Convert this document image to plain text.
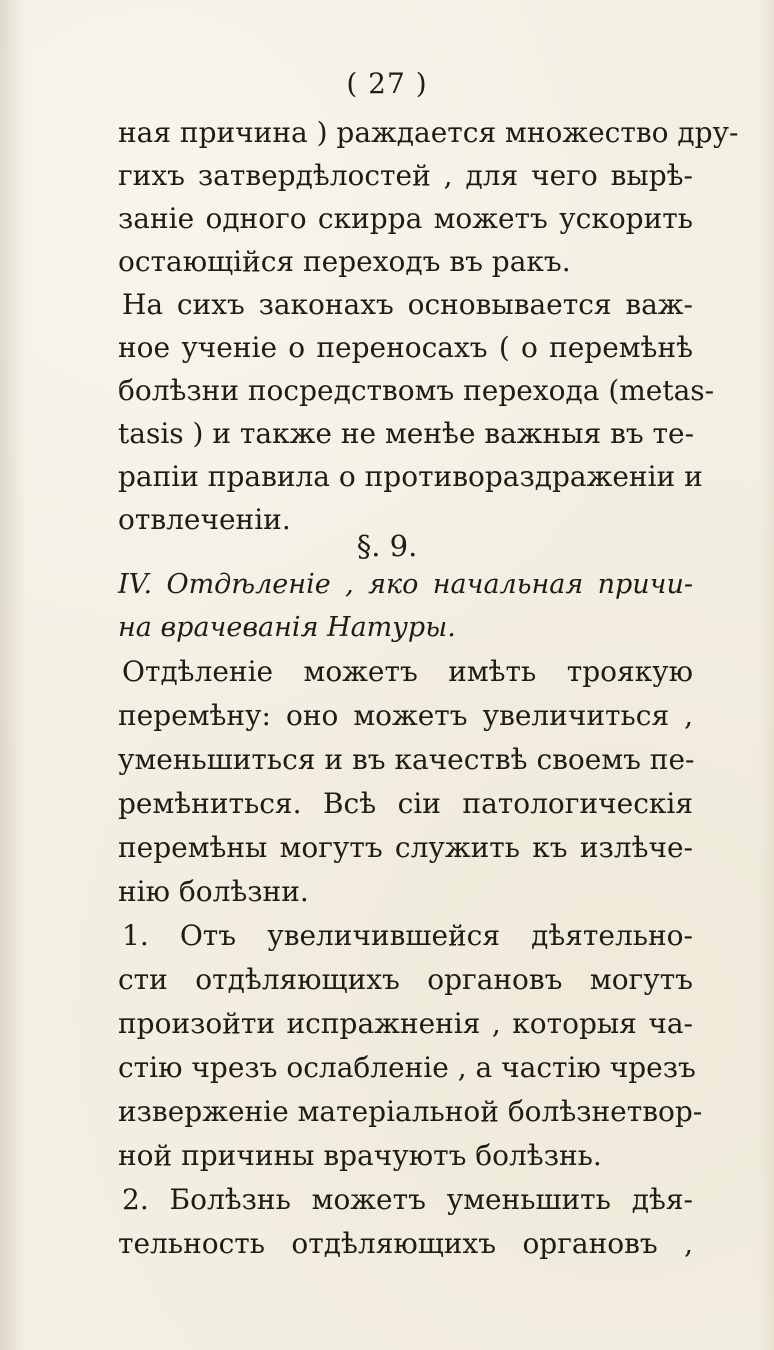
( 27 )
ная причина ) раждается множество дру-
гихъ затвердѣлостей , для чего вырѣ-
занiе одного скирра можетъ ускорить
остающiйся переходъ въ ракъ.
На сихъ законахъ основывается важ-
ное ученiе о переносахъ ( о перемѣнѣ
болѣзни посредствомъ перехода (metas-
tasis ) и также не менѣе важныя въ те-
рапiи правила о противораздраженiи и
отвлеченiи.
§. 9.
IV. Отдѣленiе , яко начальная причи-
на врачеванiя Натуры.
Отдѣленiе можетъ имѣть троякую
перемѣну: оно можетъ увеличиться ,
уменьшиться и въ качествѣ своемъ пе-
ремѣниться. Всѣ сiи патологическiя
перемѣны могутъ служить къ излѣче-
нiю болѣзни.
1. Отъ увеличившейся дѣятельно-
сти отдѣляющихъ органовъ могутъ
произойти испражненiя , которыя ча-
стiю чрезъ ослабленiе , а частiю чрезъ
изверженiе матерiальной болѣзнетвор-
ной причины врачуютъ болѣзнь.
2. Болѣзнь можетъ уменьшить дѣя-
тельность отдѣляющихъ органовъ ,
